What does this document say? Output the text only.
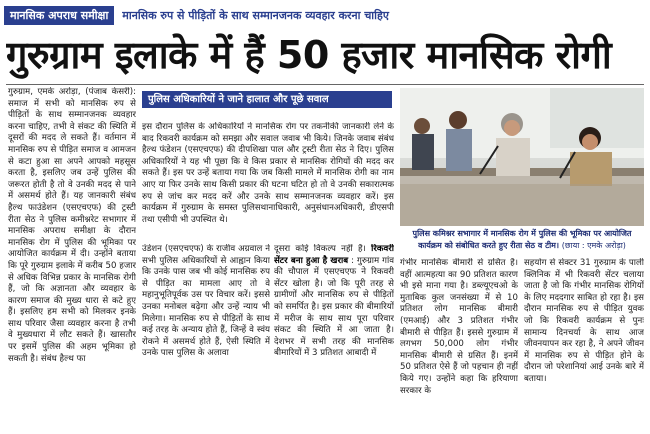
मानसिक अपराध समीक्षा	मानसिक रुप से पीड़ितों के साथ सम्मानजनक व्यवहार करना चाहिए
गुरुग्राम इलाके में हैं 50 हजार मानसिक रोगी

गुरुग्राम, एमके अरोड़ा, (पंजाब केसरी): समाज में सभी को मानसिक रुप से पीड़ितों के साथ सम्मानजनक व्यवहार करना चाहिए, तभी वे संकट की स्थिति में दूसरों की मदद ले सकते हैं। वर्तमान में मानसिक रुप से पीड़ित समाज व आमजन से कटा हुआ सा अपने आपको महसूस करता है, इसलिए जब उन्हें पुलिस की जरूरत होती है तो वे उनकी मदद से पाने में असमर्थ होते हैं। यह जानकारी संबंध हैल्थ फाउंडेशन (एसएचएफ) की ट्रस्टी रीता सेठ ने पुलिस कमीश्नरेट सभागार में मानसिक अपराध समीक्षा के दौरान मानसिक रोग में पुलिस की भूमिका पर आयोजित कार्यक्रम में दी। उन्होंने बताया कि पूरे गुरुग्राम इलाके में करीब 50 हजार से अधिक विभिन्न प्रकार के मानसिक रोगी हैं, जो कि अज्ञानता और व्यवहार के कारण समाज की मुख्य धारा से कटे हुए हैं। इसलिए हम सभी को मिलकर इनके साथ परिवार जैसा व्यवहार करना है तभी वे मुख्यधारा में लौट सकते हैं। खासतौर पर इसमें पुलिस की अहम भूमिका हो सकती है। संबंध हैल्थ फा

पुलिस अधिकारियों ने जाने हालात और पूछे सवाल

इस दौरान पुलिस के अधिकारियों ने मानसिक रोग पर तकनीकी जानकारी लेने के बाद रिकवरी कार्यक्रम को समझा और सवाल जवाब भी किये। जिनके जवाब संबंध हैल्थ फंडेशन (एसएचएफ) की दीपशिखा पाल और ट्रस्टी रीता सेठ ने दिए। पुलिस अधिकारियों ने यह भी पूछा कि वे किस प्रकार से मानसिक रोगियों की मदद कर सकते हैं। इस पर उन्हें बताया गया कि जब किसी मामले में मानसिक रोगी का नाम आए या फिर उनके साथ किसी प्रकार की घटना घटित हो तो वे उनकी सकारात्मक रुप से जांच कर मदद करें और उनके साथ सम्मानजनक व्यवहार करें। इस कार्यक्रम में गुरुग्राम के समस्त पुलिसथानाधिकारी, अनुसंधानअधिकारी, डीएसपी तथा एसीपी भी उपस्थित थे।

पुलिस कमिश्नर सभागार में मानसिक रोग में पुलिस की भूमिका पर आयोजित कार्यक्रम को संबोधित करते हुए रीता सेठ व टीम। (छाया : एमके अरोड़ा)

उंडेशन (एसएचएफ) के राजीव अग्रवाल ने सभी पुलिस अधिकारियों से आह्वान किया कि उनके पास जब भी कोई मानसिक रुप से पीड़ित का मामला आए तो वे महानुभूतिपूर्वक उस पर विचार करें। इससे उनका मनोबल बढ़ेगा और उन्हें न्याय भी मिलेगा। मानसिक रुप से पीड़ितों के साथ कई तरह के अन्याय होते हैं, जिन्हें वे स्वंय रोकने में असमर्थ होते हैं, ऐसी स्थिति में उनके पास पुलिस के अलावा

दूसरा कोई विकल्प नहीं है। रिकवरी सेंटर बना हुआ है खराब : गुरुग्राम गांव की चौपाल में एसएचएफ ने रिकवरी सेंटर खोला है। जो कि पूरी तरह से ग्रामीणों और मानसिक रुप से पीड़ितों को समर्पित है। इस प्रकार की बीमारियों में मरीज के साथ साथ पूरा परिवार संकट की स्थिति में आ जाता है। देशभर में सभी तरह की मानसिक बीमारियों में 3 प्रतिशत आबादी में

गंभीर मानसिक बीमारी से ग्रसित है। वहीं आत्महत्या का 90 प्रतिशत कारण भी इसे माना गया है। डब्ल्यूएचओ के मुताबिक कुल जनसंख्या में से 10 प्रतिशत लोग मानसिक बीमारी (एमआई) और 3 प्रतिशत गंभीर बीमारी से पीड़ित हैं। इससे गुरुग्राम में लगभग 50,000 लोग गंभीर मानसिक बीमारी से ग्रसित हैं। इनमें 50 प्रतिशत ऐसे हैं जो पहचान ही नहीं किये गए। उन्होंने कहा कि हरियाणा सरकार के

सहयोग से सेक्टर 31 गुरुग्राम के पाली क्लिनिक में भी रिकवरी सेंटर चलाया जाता है जो कि गंभीर मानसिक रोगियों के लिए मददगार साबित हो रहा है। इस दौरान मानसिक रुप से पीड़ित युवक जो कि रिकवरी कार्यक्रम से पुनः सामान्य दिनचर्या के साथ आज जीवनयापन कर रहा है, ने अपने जीवन में मानसिक रुप से पीड़ित होने के दौरान जो परेशानियां आई उनके बारे में बताया।
